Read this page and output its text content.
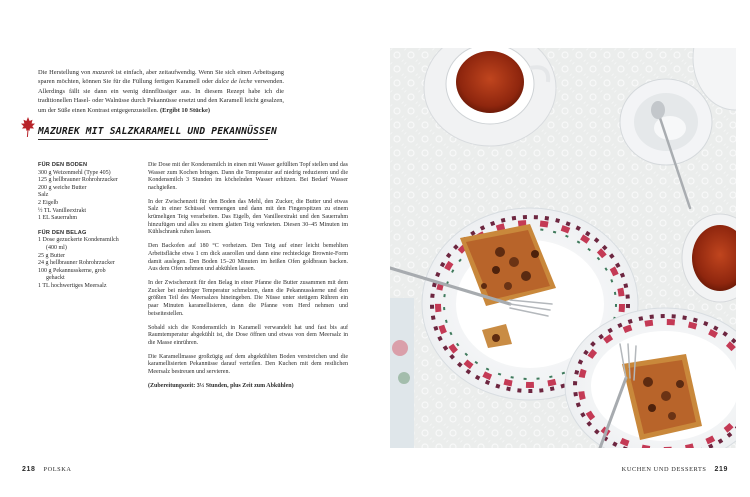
Die Herstellung von mazurek ist einfach, aber zeitaufwendig. Wenn Sie sich einen Arbeitsgang sparen möchten, können Sie für die Füllung fertigen Karamell oder dulce de leche verwenden. Allerdings fällt sie dann ein wenig dünnflüssiger aus. In diesem Rezept habe ich die traditionellen Hasel- oder Walnüsse durch Pekannüsse ersetzt und den Karamell leicht gesalzen, um der Süße einen Kontrast entgegenzustellen. (Ergibt 10 Stücke)

MAZUREK MIT SALZKARAMELL UND PEKANNÜSSEN
FÜR DEN BODEN
300 g Weizenmehl (Type 405)
125 g hellbrauner Rohrohrzucker
200 g weiche Butter
Salz
2 Eigelb
½ TL Vanilleextrakt
1 EL Sauerrahm
FÜR DEN BELAG
1 Dose gezuckerte Kondensmilch
(400 ml)
25 g Butter
24 g hellbrauner Rohrohrzucker
100 g Pekannusskerne, grob
gehackt
1 TL hochwertiges Meersalz

Die Dose mit der Kondensmilch in einen mit Wasser gefüllten Topf stellen und das Wasser zum Kochen bringen. Dann die Temperatur auf niedrig reduzieren und die Kondensmilch 3 Stunden im köchelnden Wasser erhitzen. Bei Bedarf Wasser nachgießen.

In der Zwischenzeit für den Boden das Mehl, den Zucker, die Butter und etwas Salz in einer Schüssel vermengen und dann mit den Fingerspitzen zu einem krümeligen Teig verarbeiten. Das Eigelb, den Vanilleextrakt und den Sauerrahm hinzufügen und alles zu einem glatten Teig verkneten. Diesen 30–45 Minuten im Kühlschrank ruhen lassen.

Den Backofen auf 180 °C vorheizen. Den Teig auf einer leicht bemehlten Arbeitsfläche etwa 1 cm dick ausrollen und dann eine rechteckige Brownie-Form damit auslegen. Den Boden 15–20 Minuten im heißen Ofen goldbraun backen. Aus dem Ofen nehmen und abkühlen lassen.

In der Zwischenzeit für den Belag in einer Pfanne die Butter zusammen mit dem Zucker bei niedriger Temperatur schmelzen, dann die Pekannusskerne und den größten Teil des Meersalzes hineingeben. Die Nüsse unter stetigem Rühren ein paar Minuten karamellisieren, dann die Pfanne vom Herd nehmen und beiseitestellen.

Sobald sich die Kondensmilch in Karamell verwandelt hat und fast bis auf Raumtemperatur abgekühlt ist, die Dose öffnen und etwas von dem Meersalz in die Masse einrühren.

Die Karamellmasse großzügig auf dem abgekühlten Boden verstreichen und die karamellisierten Pekannüsse darauf verteilen. Den Kuchen mit dem restlichen Meersalz bestreuen und servieren.

(Zubereitungszeit: 3½ Stunden, plus Zeit zum Abkühlen)

218 POLSKA	KUCHEN UND DESSERTS 219
